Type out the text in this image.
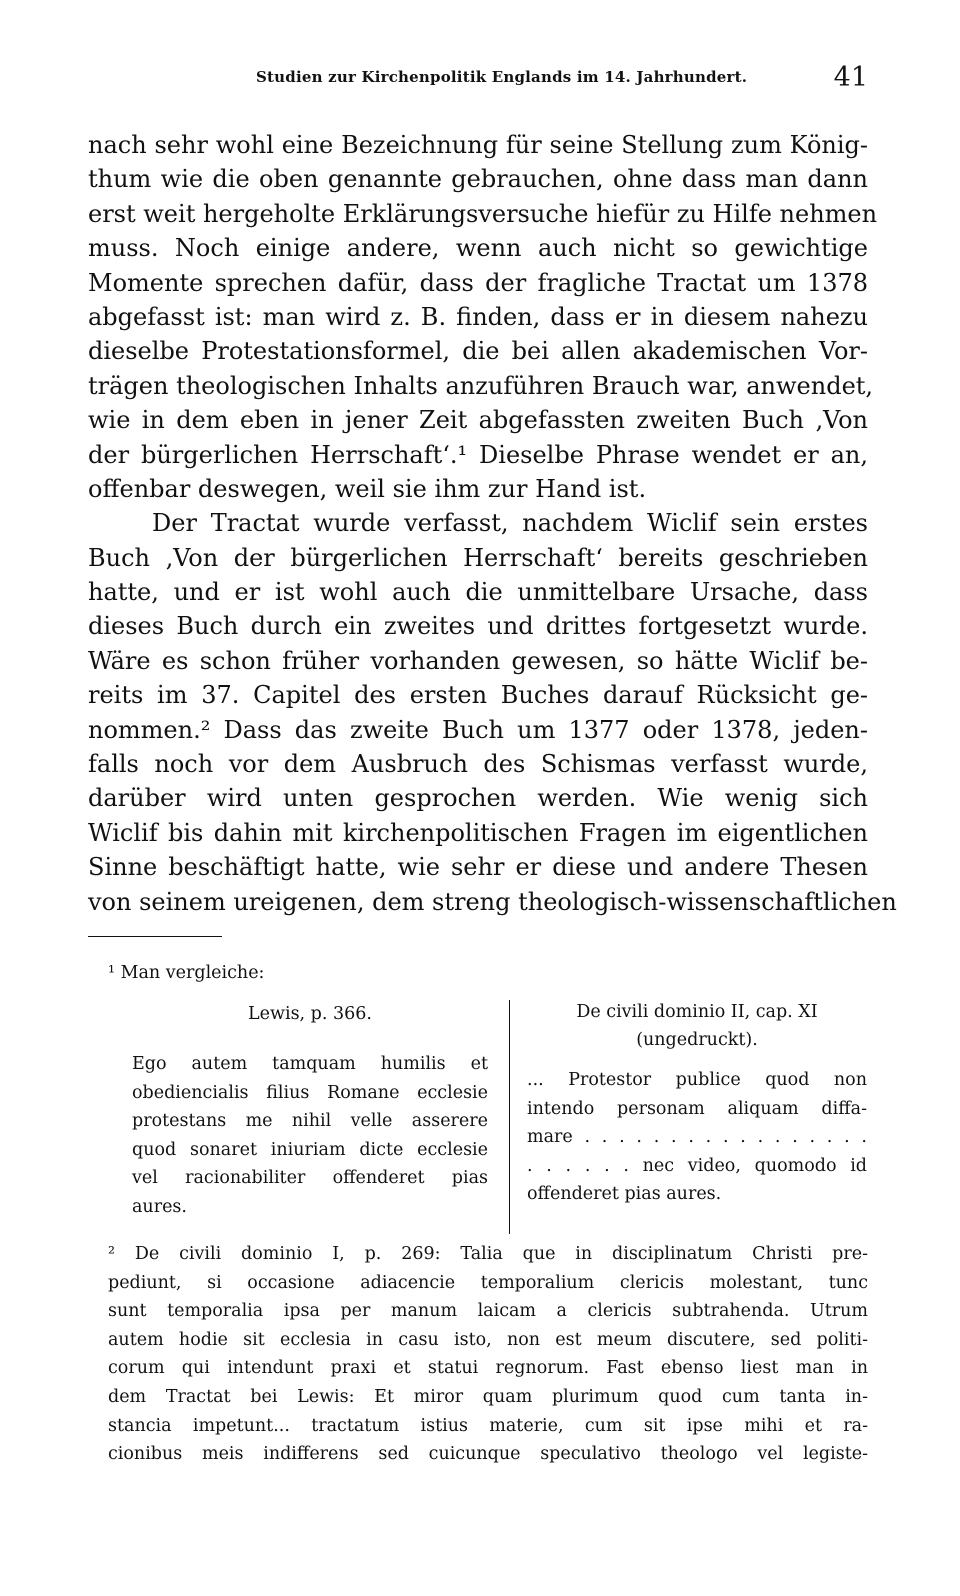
Studien zur Kirchenpolitik Englands im 14. Jahrhundert.	41
nach sehr wohl eine Bezeichnung für seine Stellung zum König-
thum wie die oben genannte gebrauchen, ohne dass man dann
erst weit hergeholte Erklärungsversuche hiefür zu Hilfe nehmen
muss. Noch einige andere, wenn auch nicht so gewichtige
Momente sprechen dafür, dass der fragliche Tractat um 1378
abgefasst ist: man wird z. B. finden, dass er in diesem nahezu
dieselbe Protestationsformel, die bei allen akademischen Vor-
trägen theologischen Inhalts anzuführen Brauch war, anwendet,
wie in dem eben in jener Zeit abgefassten zweiten Buch ‚Von
der bürgerlichen Herrschaft‘.¹ Dieselbe Phrase wendet er an,
offenbar deswegen, weil sie ihm zur Hand ist.
Der Tractat wurde verfasst, nachdem Wiclif sein erstes
Buch ‚Von der bürgerlichen Herrschaft‘ bereits geschrieben
hatte, und er ist wohl auch die unmittelbare Ursache, dass
dieses Buch durch ein zweites und drittes fortgesetzt wurde.
Wäre es schon früher vorhanden gewesen, so hätte Wiclif be-
reits im 37. Capitel des ersten Buches darauf Rücksicht ge-
nommen.² Dass das zweite Buch um 1377 oder 1378, jeden-
falls noch vor dem Ausbruch des Schismas verfasst wurde,
darüber wird unten gesprochen werden. Wie wenig sich
Wiclif bis dahin mit kirchenpolitischen Fragen im eigentlichen
Sinne beschäftigt hatte, wie sehr er diese und andere Thesen
von seinem ureigenen, dem streng theologisch-wissenschaftlichen
¹ Man vergleiche:
Lewis, p. 366.
Ego autem tamquam humilis et
obediencialis filius Romane ecclesie
protestans me nihil velle asserere
quod sonaret iniuriam dicte ecclesie
vel racionabiliter offenderet pias
aures.
De civili dominio II, cap. XI
(ungedruckt).
... Protestor publice quod non
intendo personam aliquam diffa-
mare . . . . . . . . . . . . . . . . .
. . . . . . nec video, quomodo id
offenderet pias aures.
² De civili dominio I, p. 269: Talia que in disciplinatum Christi pre-
pediunt, si occasione adiacencie temporalium clericis molestant, tunc
sunt temporalia ipsa per manum laicam a clericis subtrahenda. Utrum
autem hodie sit ecclesia in casu isto, non est meum discutere, sed politi-
corum qui intendunt praxi et statui regnorum. Fast ebenso liest man in
dem Tractat bei Lewis: Et miror quam plurimum quod cum tanta in-
stancia impetunt... tractatum istius materie, cum sit ipse mihi et ra-
cionibus meis indifferens sed cuicunque speculativo theologo vel legiste-
